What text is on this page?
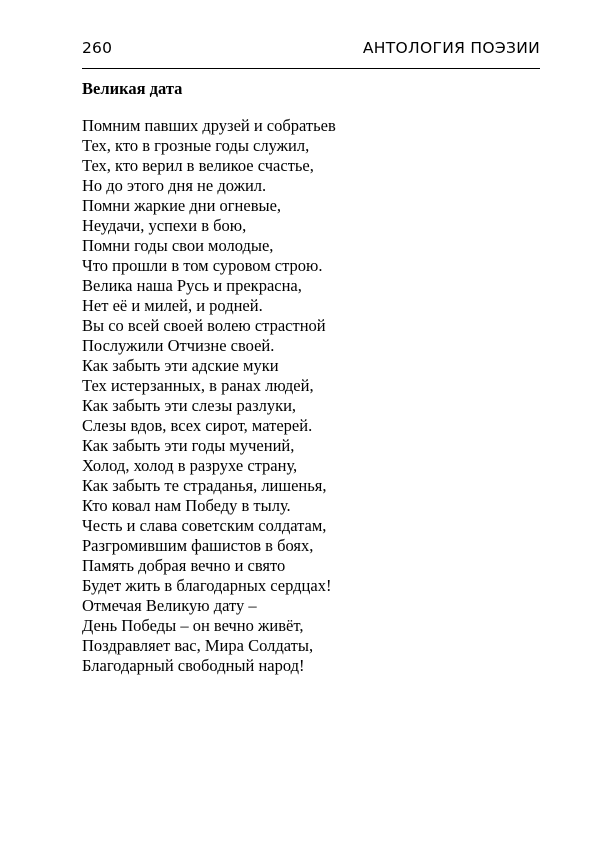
260	АНТОЛОГИЯ ПОЭЗИИ
Великая дата
Помним павших друзей и собратьев
Тех, кто в грозные годы служил,
Тех, кто верил в великое счастье,
Но до этого дня не дожил.
Помни жаркие дни огневые,
Неудачи, успехи в бою,
Помни годы свои молодые,
Что прошли в том суровом строю.
Велика наша Русь и прекрасна,
Нет её и милей, и родней.
Вы со всей своей волею страстной
Послужили Отчизне своей.
Как забыть эти адские муки
Тех истерзанных, в ранах людей,
Как забыть эти слезы разлуки,
Слезы вдов, всех сирот, матерей.
Как забыть эти годы мучений,
Холод, холод в разрухе страну,
Как забыть те страданья, лишенья,
Кто ковал нам Победу в тылу.
Честь и слава советским солдатам,
Разгромившим фашистов в боях,
Память добрая вечно и свято
Будет жить в благодарных сердцах!
Отмечая Великую дату –
День Победы – он вечно живёт,
Поздравляет вас, Мира Солдаты,
Благодарный свободный народ!
